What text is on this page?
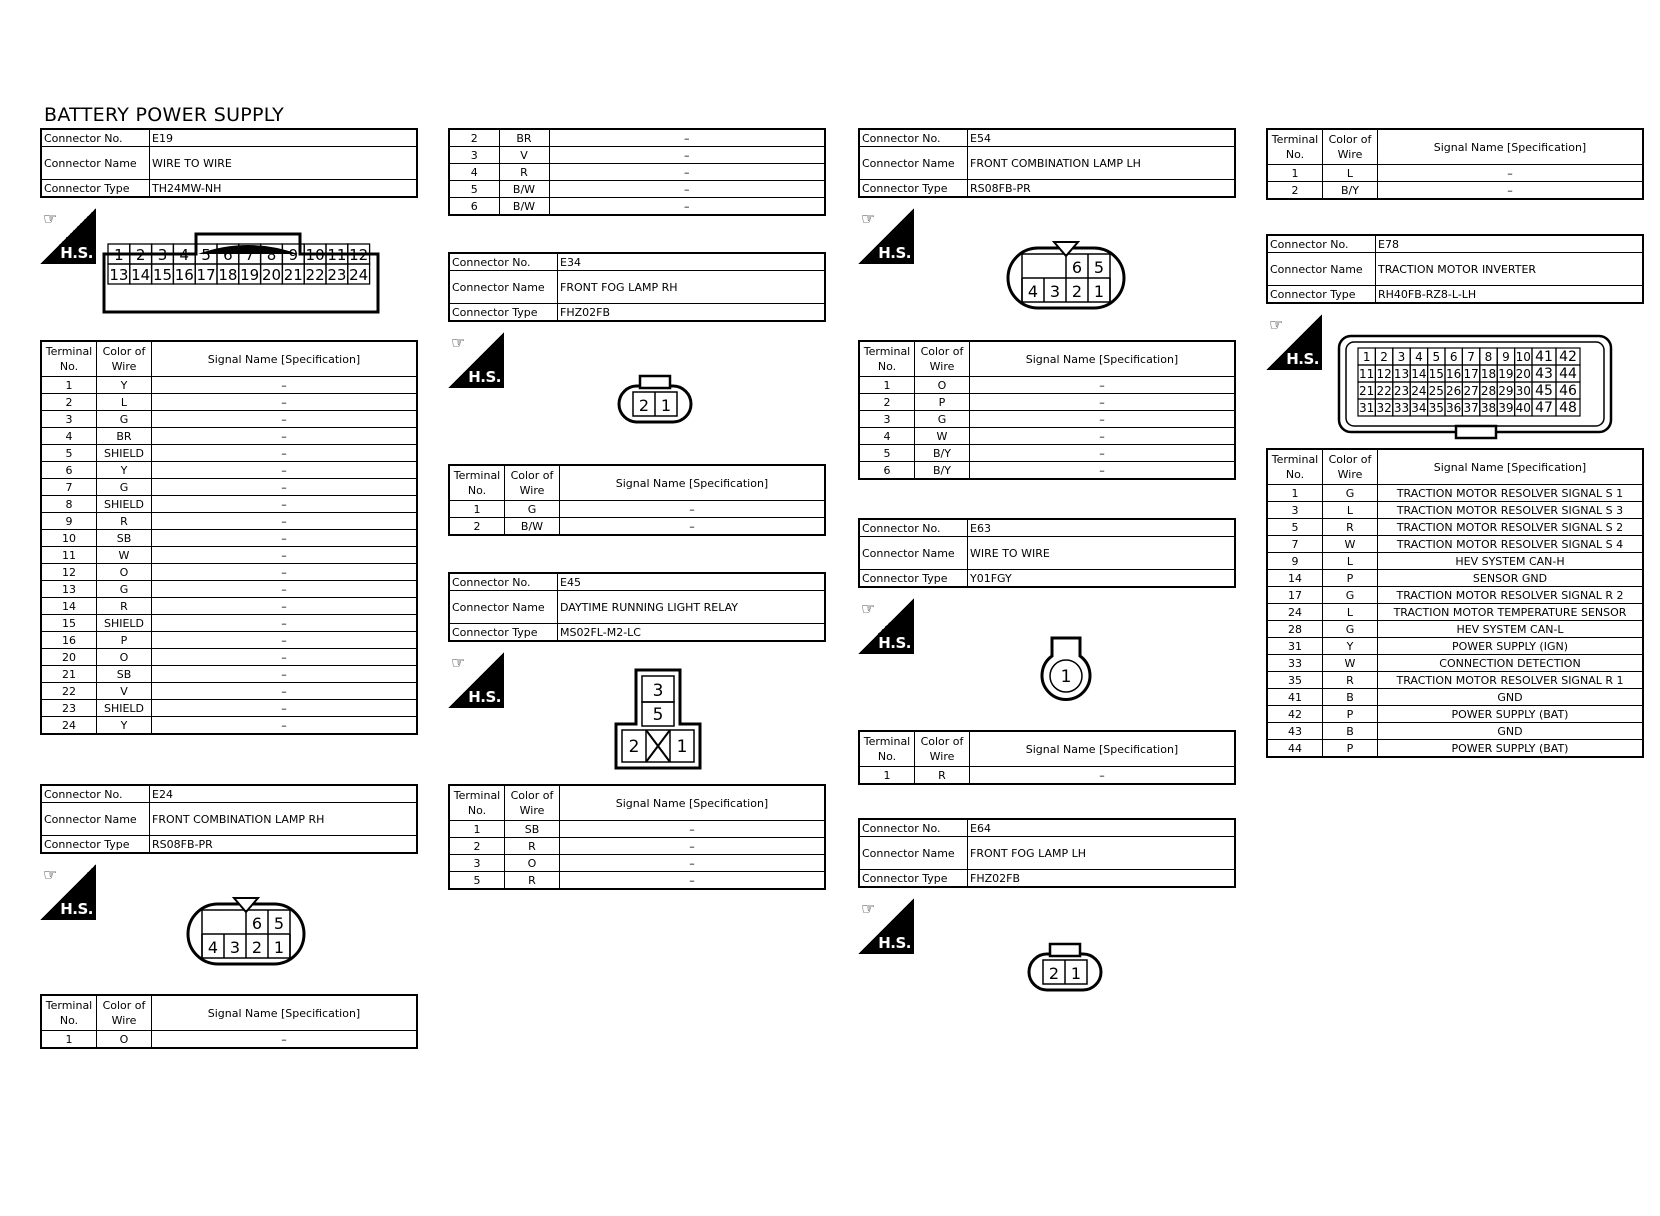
BATTERY POWER SUPPLY
Connector No.	E19
Connector Name	WIRE TO WIRE
Connector Type	TH24MW-NH
☞
H.S. 1 2 3 4 5 6 7 8 9 10 11 12
13 14 15 16 17 18 19 20 21 22 23 24
Terminal No.	Color of Wire	Signal Name [Specification]
1	Y	–
2	L	–
3	G	–
4	BR	–
5	SHIELD	–
6	Y	–
7	G	–
8	SHIELD	–
9	R	–
10	SB	–
11	W	–
12	O	–
13	G	–
14	R	–
15	SHIELD	–
16	P	–
20	O	–
21	SB	–
22	V	–
23	SHIELD	–
24	Y	–
Connector No.	E24
Connector Name	FRONT COMBINATION LAMP RH
Connector Type	RS08FB-PR
☞
H.S.
6 5
4 3 2 1
Terminal No.	Color of Wire	Signal Name [Specification]
1	O	–
2	BR	–
3	V	–
4	R	–
5	B/W	–
6	B/W	–
Connector No.	E34
Connector Name	FRONT FOG LAMP RH
Connector Type	FHZ02FB
☞
H.S.
2 1
Terminal No.	Color of Wire	Signal Name [Specification]
1	G	–
2	B/W	–
Connector No.	E45
Connector Name	DAYTIME RUNNING LIGHT RELAY
Connector Type	MS02FL-M2-LC
☞
H.S.	3
5
2 1
Terminal No.	Color of Wire	Signal Name [Specification]
1	SB	–
2	R	–
3	O	–
5	R	–
Connector No.	E54
Connector Name	FRONT COMBINATION LAMP LH
Connector Type	RS08FB-PR
☞
H.S.
6 5
4 3 2 1
Terminal No.	Color of Wire	Signal Name [Specification]
1	O	–
2	P	–
3	G	–
4	W	–
5	B/Y	–
6	B/Y	–
Connector No.	E63
Connector Name	WIRE TO WIRE
Connector Type	Y01FGY
☞
H.S.
1
Terminal No.	Color of Wire	Signal Name [Specification]
1	R	–
Connector No.	E64
Connector Name	FRONT FOG LAMP LH
Connector Type	FHZ02FB
☞
H.S.
2 1
Terminal No.	Color of Wire	Signal Name [Specification]
1	L	–
2	B/Y	–
Connector No.	E78
Connector Name	TRACTION MOTOR INVERTER
Connector Type	RH40FB-RZ8-L-LH
☞
H.S.	1 2 3 4 5 6 7 8 9 10 41 42
11 12 13 14 15 16 17 18 19 20 43 44
21 22 23 24 25 26 27 28 29 30 45 46
31 32 33 34 35 36 37 38 39 40 47 48
Terminal No.	Color of Wire	Signal Name [Specification]
1	G	TRACTION MOTOR RESOLVER SIGNAL S 1
3	L	TRACTION MOTOR RESOLVER SIGNAL S 3
5	R	TRACTION MOTOR RESOLVER SIGNAL S 2
7	W	TRACTION MOTOR RESOLVER SIGNAL S 4
9	L	HEV SYSTEM CAN-H
14	P	SENSOR GND
17	G	TRACTION MOTOR RESOLVER SIGNAL R 2
24	L	TRACTION MOTOR TEMPERATURE SENSOR
28	G	HEV SYSTEM CAN-L
31	Y	POWER SUPPLY (IGN)
33	W	CONNECTION DETECTION
35	R	TRACTION MOTOR RESOLVER SIGNAL R 1
41	B	GND
42	P	POWER SUPPLY (BAT)
43	B	GND
44	P	POWER SUPPLY (BAT)
